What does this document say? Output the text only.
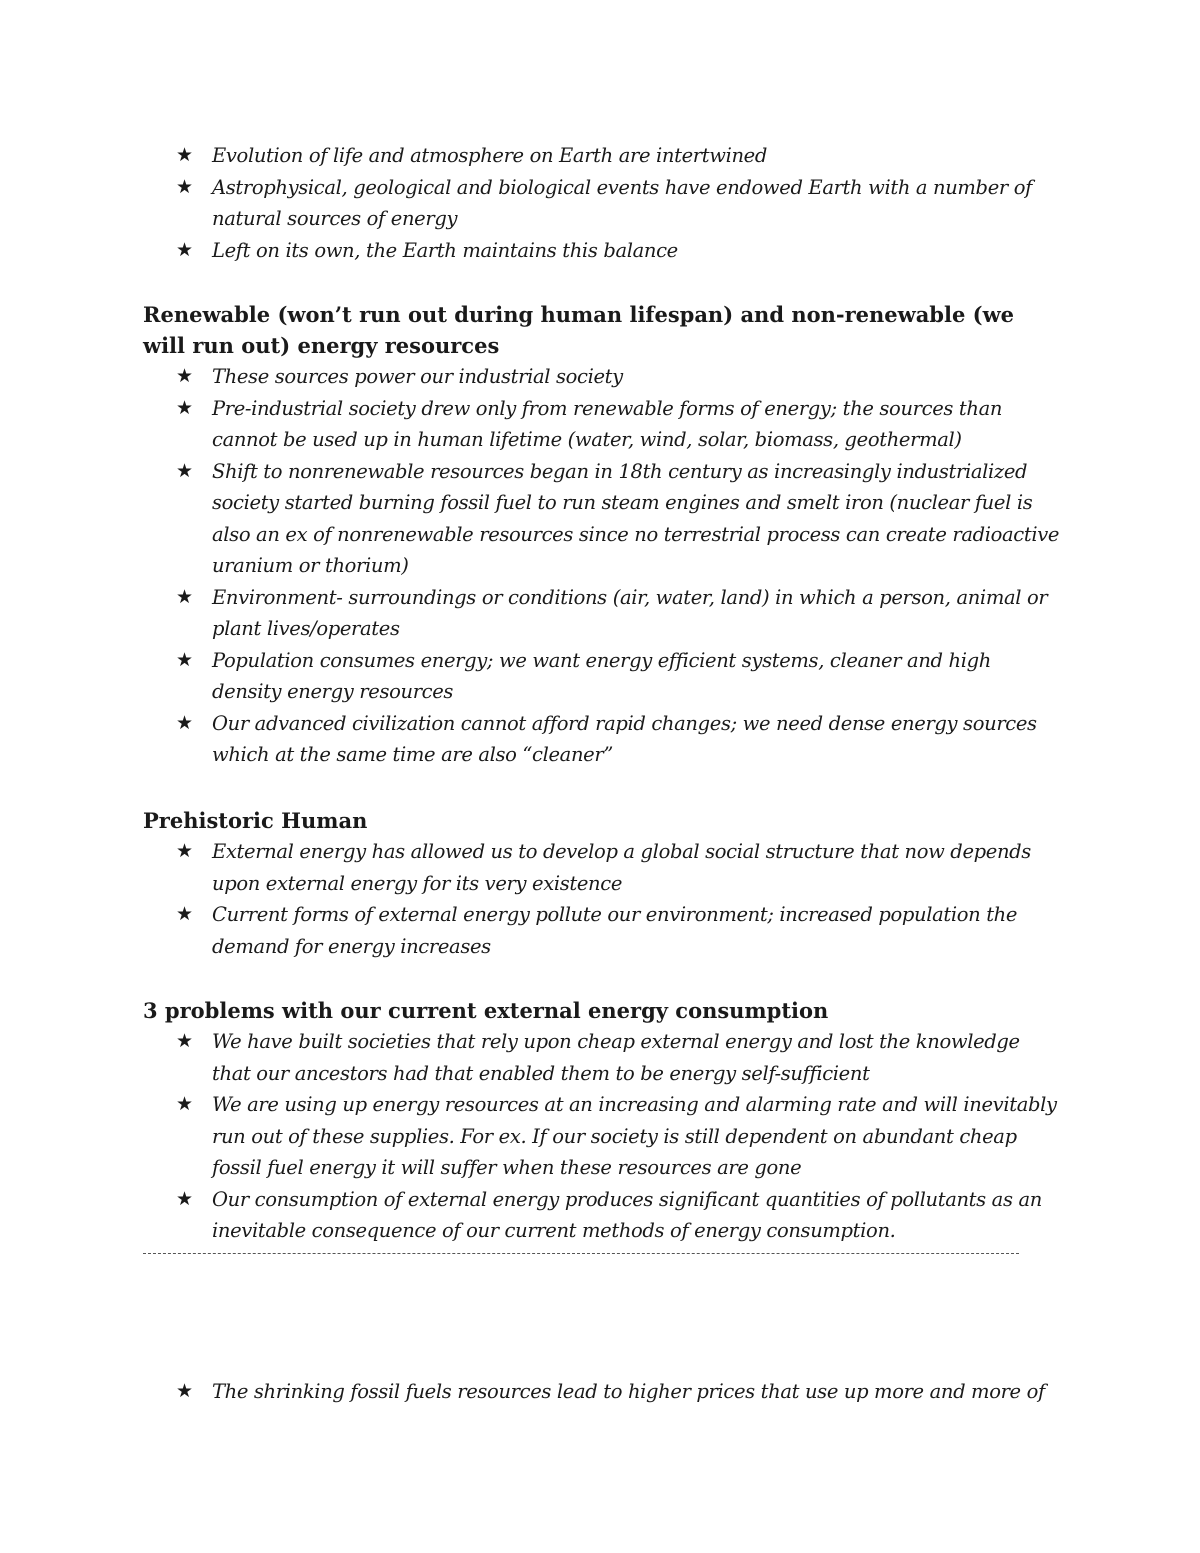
★ Evolution of life and atmosphere on Earth are intertwined
★ Astrophysical, geological and biological events have endowed Earth with a number of natural sources of energy
★ Left on its own, the Earth maintains this balance

Renewable (won’t run out during human lifespan) and non-renewable (we will run out) energy resources

★ These sources power our industrial society
★ Pre-industrial society drew only from renewable forms of energy; the sources than cannot be used up in human lifetime (water, wind, solar, biomass, geothermal)
★ Shift to nonrenewable resources began in 18th century as increasingly industrialized society started burning fossil fuel to run steam engines and smelt iron (nuclear fuel is also an ex of nonrenewable resources since no terrestrial process can create radioactive uranium or thorium)
★ Environment- surroundings or conditions (air, water, land) in which a person, animal or plant lives/operates
★ Population consumes energy; we want energy efficient systems, cleaner and high density energy resources
★ Our advanced civilization cannot afford rapid changes; we need dense energy sources which at the same time are also “cleaner”

Prehistoric Human

★ External energy has allowed us to develop a global social structure that now depends upon external energy for its very existence
★ Current forms of external energy pollute our environment; increased population the demand for energy increases

3 problems with our current external energy consumption

★ We have built societies that rely upon cheap external energy and lost the knowledge that our ancestors had that enabled them to be energy self-sufficient
★ We are using up energy resources at an increasing and alarming rate and will inevitably run out of these supplies. For ex. If our society is still dependent on abundant cheap fossil fuel energy it will suffer when these resources are gone
★ Our consumption of external energy produces significant quantities of pollutants as an inevitable consequence of our current methods of energy consumption.
★ The shrinking fossil fuels resources lead to higher prices that use up more and more of
